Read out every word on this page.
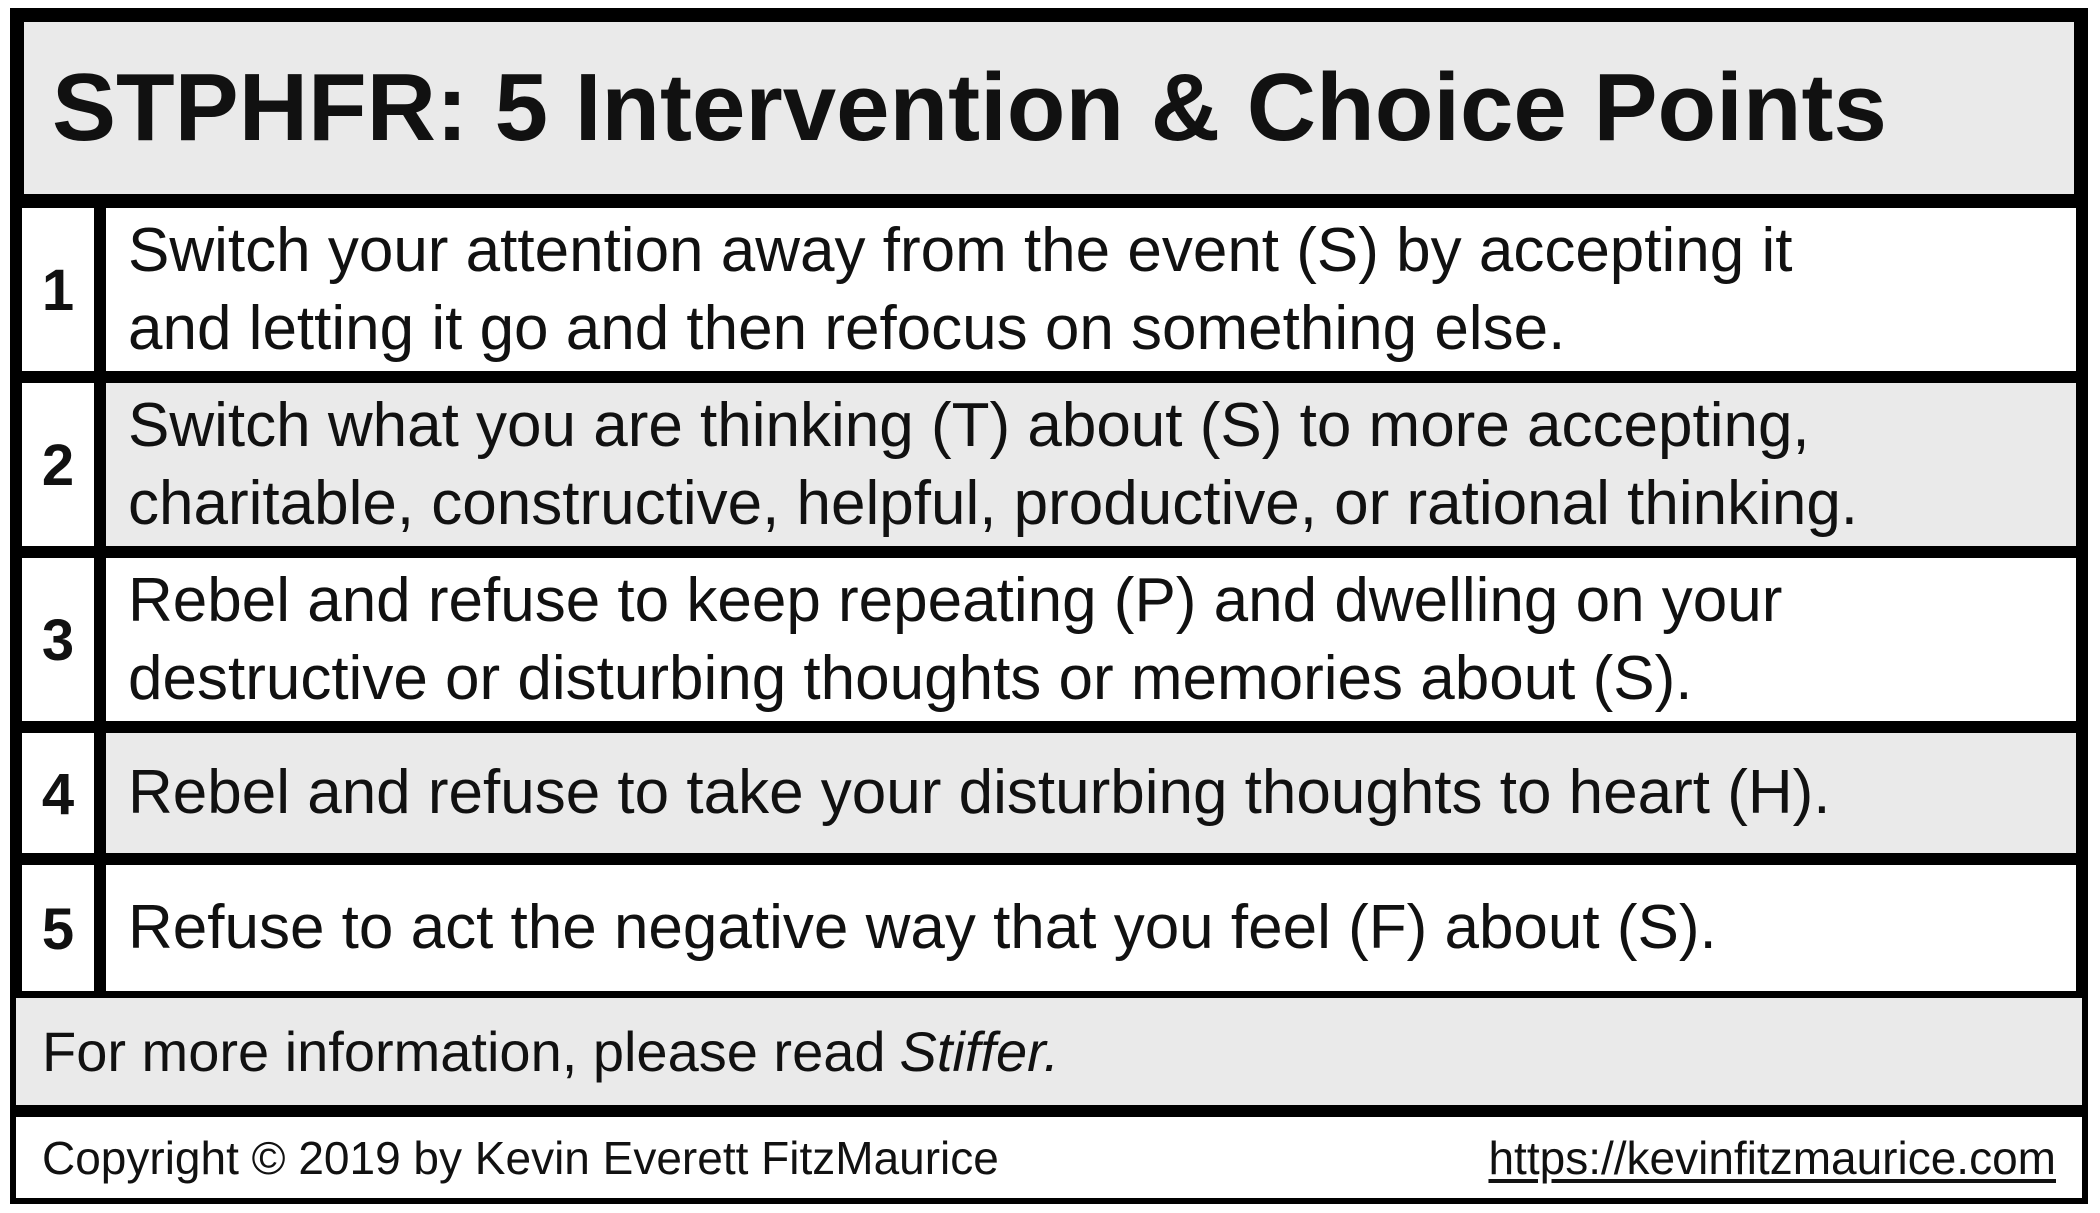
STPHFR: 5 Intervention & Choice Points
1
Switch your attention away from the event (S) by accepting it
and letting it go and then refocus on something else.
2
Switch what you are thinking (T) about (S) to more accepting,
charitable, constructive, helpful, productive, or rational thinking.
3
Rebel and refuse to keep repeating (P) and dwelling on your
destructive or disturbing thoughts or memories about (S).
4 Rebel and refuse to take your disturbing thoughts to heart (H).
5 Refuse to act the negative way that you feel (F) about (S).
For more information, please read Stiffer.
Copyright © 2019 by Kevin Everett FitzMaurice	https://kevinfitzmaurice.com
